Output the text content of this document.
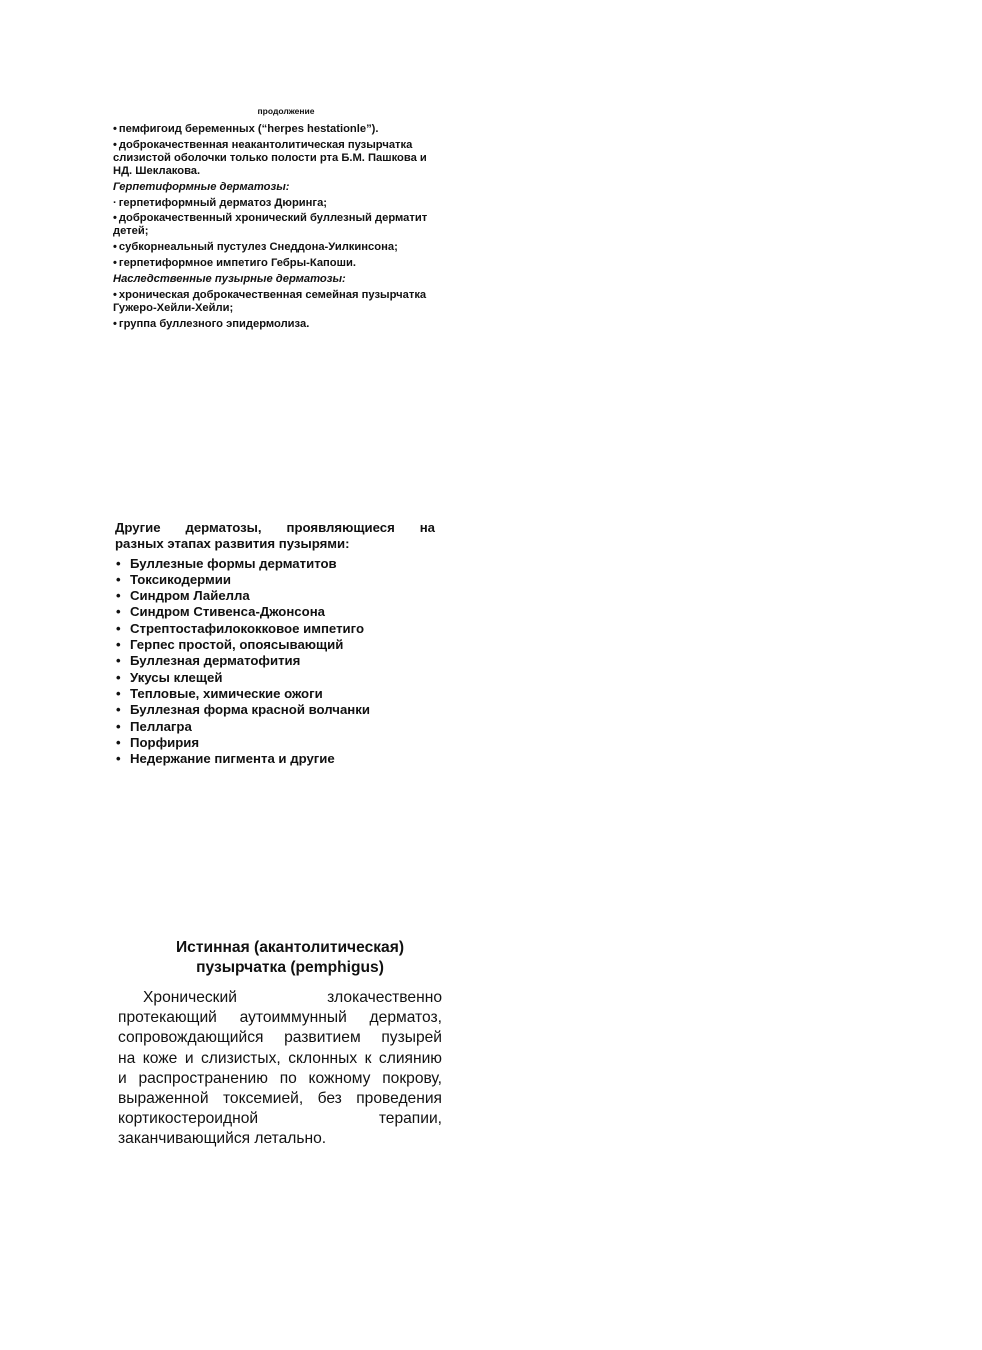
продолжение
• пемфигоид беременных (“herpes hestationle”).
• доброкачественная неакантолитическая пузырчатка слизистой оболочки только полости рта Б.М. Пашкова и НД. Шеклакова.
Герпетиформные дерматозы:
· герпетиформный дерматоз Дюринга;
• доброкачественный хронический буллезный дерматит детей;
• субкорнеальный пустулез Снеддона-Уилкинсона;
• герпетиформное импетиго Гебры-Капоши.
Наследственные пузырные дерматозы:
• хроническая доброкачественная семейная пузырчатка Гужеро-Хейли-Хейли;
• группа буллезного эпидермолиза.
Другие дерматозы, проявляющиеся на
разных этапах развития пузырями:
• Буллезные формы дерматитов
• Токсикодермии
• Синдром Лайелла
• Синдром Стивенса-Джонсона
• Стрептостафилококковое импетиго
• Герпес простой, опоясывающий
• Буллезная дерматофития
• Укусы клещей
• Тепловые, химические ожоги
• Буллезная форма красной волчанки
• Пеллагра
• Порфирия
• Недержание пигмента и другие
Истинная (акантолитическая)
пузырчатка (pemphigus)
Хронический злокачественно
протекающий аутоиммунный дерматоз,
сопровождающийся развитием пузырей
на коже и слизистых, склонных к слиянию
и распространению по кожному покрову,
выраженной токсемией, без проведения
кортикостероидной терапии,
заканчивающийся летально.
